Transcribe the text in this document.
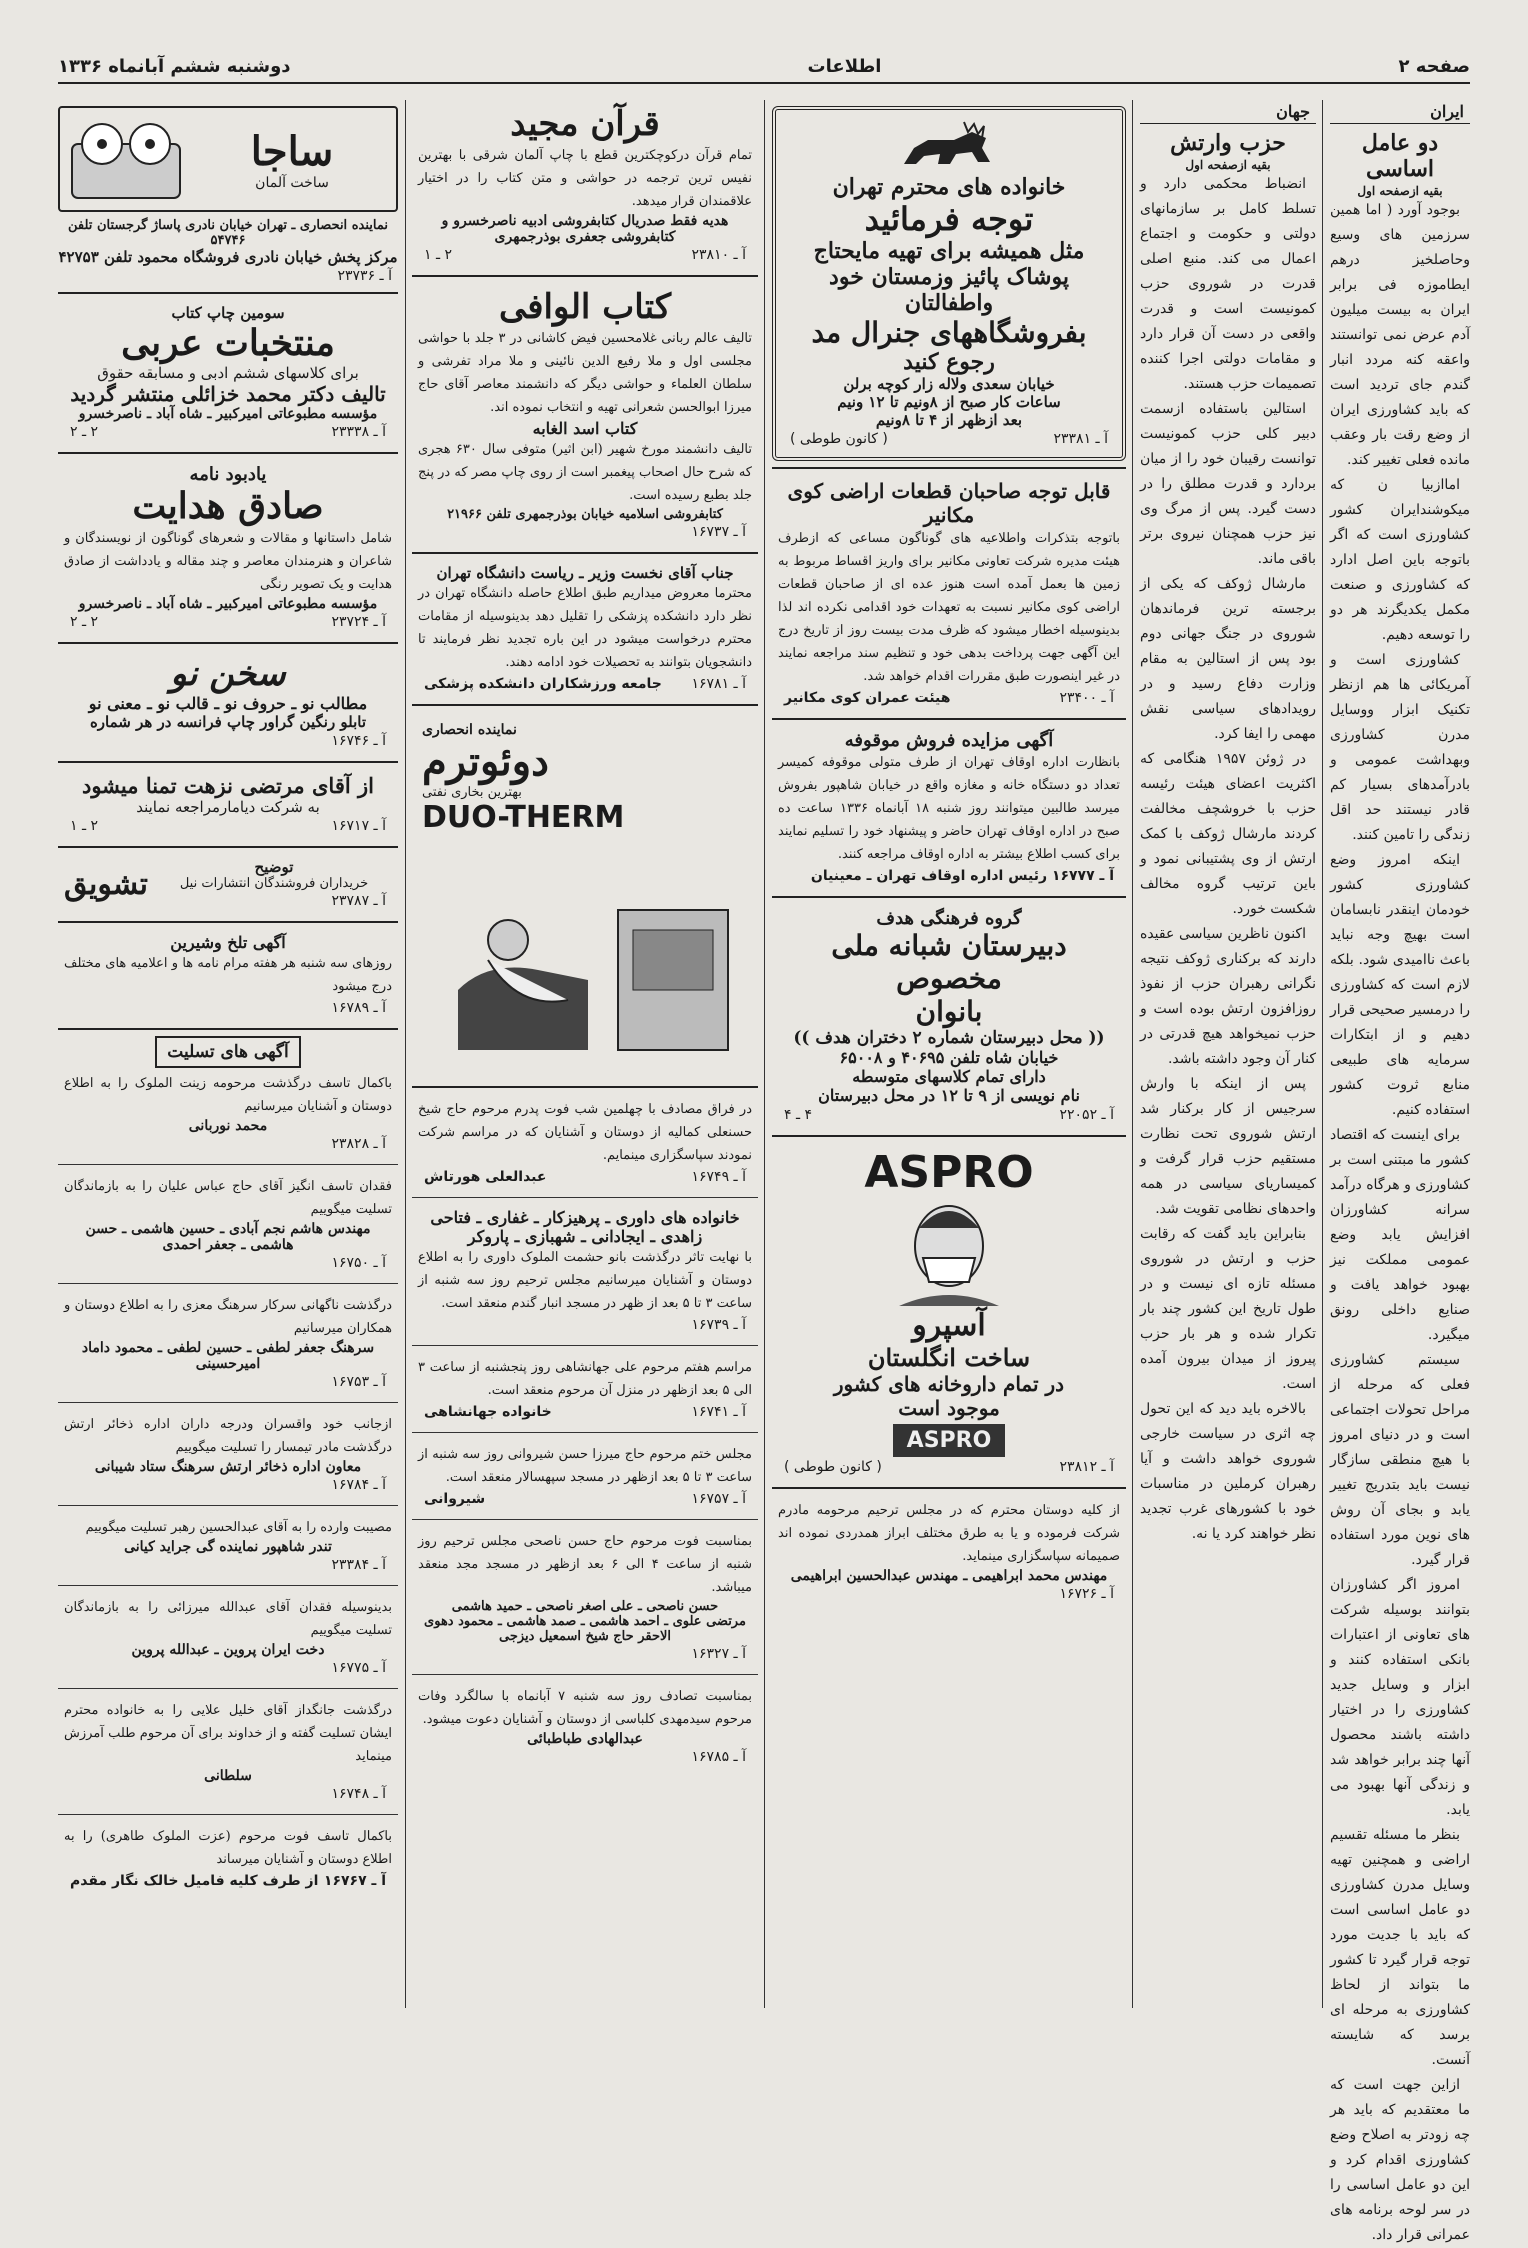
صفحه ۲
اطلاعات
دوشنبه ششم آبانماه ۱۳۳۶
ایران
دو عامل اساسی
بقیه ازصفحه اول

بوجود آورد ( اما همین سرزمین های وسیع وحاصلخیز درهم ایطاموزه فی برابر ایران به بیست میلیون آدم عرض نمی توانستند واعقه کنه مردد انبار گندم جای تردید است که باید کشاورزی ایران از وضع رقت بار وعقب مانده فعلی تغییر کند.

اماازبیا ن که میکوشندایران کشور کشاورزی است که اگر باتوجه باین اصل ادارد که کشاورزی و صنعت مکمل یکدیگرند هر دو را توسعه دهیم.

کشاورزی است و آمریکائی ها هم ازنظر تکنیک ابزار ووسایل مدرن کشاورزی وبهداشت عمومی و بادرآمدهای بسیار کم قادر نیستند حد اقل زندگی را تامین کنند.

اینکه امروز وضع کشاورزی کشور خودمان اینقدر نابسامان است بهیچ وجه نباید باعث ناامیدی شود. بلکه لازم است که کشاورزی را درمسیر صحیحی قرار دهیم و از ابتکارات سرمایه های طبیعی منابع ثروت کشور استفاده کنیم.

برای اینست که اقتصاد کشور ما مبتنی است بر کشاورزی و هرگاه درآمد سرانه کشاورزان افزایش یابد وضع عمومی مملکت نیز بهبود خواهد یافت و صنایع داخلی رونق میگیرد.

سیستم کشاورزی فعلی که مرحله از مراحل تحولات اجتماعی است و در دنیای امروز با هیچ منطقی سازگار نیست باید بتدریج تغییر یابد و بجای آن روش های نوین مورد استفاده قرار گیرد.

امروز اگر کشاورزان بتوانند بوسیله شرکت های تعاونی از اعتبارات بانکی استفاده کنند و ابزار و وسایل جدید کشاورزی را در اختیار داشته باشند محصول آنها چند برابر خواهد شد و زندگی آنها بهبود می یابد.

بنظر ما مسئله تقسیم اراضی و همچنین تهیه وسایل مدرن کشاورزی دو عامل اساسی است که باید با جدیت مورد توجه قرار گیرد تا کشور ما بتواند از لحاظ کشاورزی به مرحله ای برسد که شایسته آنست.

ازاین جهت است که ما معتقدیم که باید هر چه زودتر به اصلاح وضع کشاورزی اقدام کرد و این دو عامل اساسی را در سر لوحه برنامه های عمرانی قرار داد.

جهان
حزب وارتش
بقیه ازصفحه اول

انضباط محکمی دارد و تسلط کامل بر سازمانهای دولتی و حکومت و اجتماع اعمال می کند. منبع اصلی قدرت در شوروی حزب کمونیست است و قدرت واقعی در دست آن قرار دارد و مقامات دولتی اجرا کننده تصمیمات حزب هستند.

استالین باستفاده ازسمت دبیر کلی حزب کمونیست توانست رقیبان خود را از میان بردارد و قدرت مطلق را در دست گیرد. پس از مرگ وی نیز حزب همچنان نیروی برتر باقی ماند.

مارشال ژوکف که یکی از برجسته ترین فرماندهان شوروی در جنگ جهانی دوم بود پس از استالین به مقام وزارت دفاع رسید و در رویدادهای سیاسی نقش مهمی را ایفا کرد.

در ژوئن ۱۹۵۷ هنگامی که اکثریت اعضای هیئت رئیسه حزب با خروشچف مخالفت کردند مارشال ژوکف با کمک ارتش از وی پشتیبانی نمود و باین ترتیب گروه مخالف شکست خورد.

اکنون ناظرین سیاسی عقیده دارند که برکناری ژوکف نتیجه نگرانی رهبران حزب از نفوذ روزافزون ارتش بوده است و حزب نمیخواهد هیچ قدرتی در کنار آن وجود داشته باشد.

پس از اینکه با وارش سرجیس از کار برکنار شد ارتش شوروی تحت نظارت مستقیم حزب قرار گرفت و کمیساریای سیاسی در همه واحدهای نظامی تقویت شد.

بنابراین باید گفت که رقابت حزب و ارتش در شوروی مسئله تازه ای نیست و در طول تاریخ این کشور چند بار تکرار شده و هر بار حزب پیروز از میدان بیرون آمده است.

بالاخره باید دید که این تحول چه اثری در سیاست خارجی شوروی خواهد داشت و آیا رهبران کرملین در مناسبات خود با کشورهای غرب تجدید نظر خواهند کرد یا نه.

خانواده های محترم تهران
توجه فرمائید
مثل همیشه برای تهیه مایحتاج
پوشاک پائیز وزمستان خود واطفالتان
بفروشگاههای جنرال مد
رجوع کنید
خیابان سعدی ولاله زار کوچه برلن
ساعات کار صبح از ۸ونیم تا ۱۲ ونیم
بعد ازظهر از ۴ تا ۸ونیم
آ ـ ۲۳۳۸۱
( کانون طوطی )
قابل توجه صاحبان قطعات اراضی کوی مکانیر

باتوجه بتذکرات واطلاعیه های گوناگون مساعی که ازطرف هیئت مدیره شرکت تعاونی مکانیر برای واریز اقساط مربوط به زمین ها بعمل آمده است هنوز عده ای از صاحبان قطعات اراضی کوی مکانیر نسبت به تعهدات خود اقدامی نکرده اند لذا بدینوسیله اخطار میشود که ظرف مدت بیست روز از تاریخ درج این آگهی جهت پرداخت بدهی خود و تنظیم سند مراجعه نمایند در غیر اینصورت طبق مقررات اقدام خواهد شد.

آ ـ ۲۳۴۰۰
هیئت عمران کوی مکانیر
آگهی مزایده فروش موقوفه

بانظارت اداره اوقاف تهران از طرف متولی موقوفه کمیسر تعداد دو دستگاه خانه و مغازه واقع در خیابان شاهپور بفروش میرسد طالبین میتوانند روز شنبه ۱۸ آبانماه ۱۳۳۶ ساعت ده صبح در اداره اوقاف تهران حاضر و پیشنهاد خود را تسلیم نمایند برای کسب اطلاع بیشتر به اداره اوقاف مراجعه کنند.

آ ـ ۱۶۷۷۷ رئیس اداره اوقاف تهران ـ معینیان
گروه فرهنگی هدف
دبیرستان شبانه ملی مخصوص
بانوان
(( محل دبیرستان شماره ۲ دختران هدف ))
خیابان شاه تلفن ۴۰۶۹۵ و ۶۵۰۰۸
دارای تمام کلاسهای متوسطه
نام نویسی از ۹ تا ۱۲ در محل دبیرستان
آ ـ ۲۲۰۵۲
۴ ـ ۴
ASPRO
آسپرو
ساخت انگلستان
در تمام داروخانه های کشور
موجود است
ASPRO
آ ـ ۲۳۸۱۲
( کانون طوطی )

از کلیه دوستان محترم که در مجلس ترحیم مرحومه مادرم شرکت فرموده و یا به طرق مختلف ابراز همدردی نموده اند صمیمانه سپاسگزاری مینماید.

مهندس محمد ابراهیمی ـ مهندس عبدالحسین ابراهیمی
آ ـ ۱۶۷۲۶
قرآن مجید

تمام قرآن درکوچکترین قطع با چاپ آلمان شرقی با بهترین نفیس ترین ترجمه در حواشی و متن کتاب را در اختیار علاقمندان قرار میدهد.

هدیه فقط صدریال کتابفروشی ادبیه ناصرخسرو و کتابفروشی جعفری بوذرجمهری
آ ـ ۲۳۸۱۰
۲ ـ ۱
کتاب الوافی

تالیف عالم ربانی غلامحسین فیض کاشانی در ۳ جلد با حواشی مجلسی اول و ملا رفیع الدین نائینی و ملا مراد تفرشی و سلطان العلماء و حواشی دیگر که دانشمند معاصر آقای حاج میرزا ابوالحسن شعرانی تهیه و انتخاب نموده اند.

کتاب اسد الغابه

تالیف دانشمند مورخ شهیر (ابن اثیر) متوفی سال ۶۳۰ هجری که شرح حال اصحاب پیغمبر است از روی چاپ مصر که در پنج جلد بطبع رسیده است.

کتابفروشی اسلامیه خیابان بوذرجمهری تلفن ۲۱۹۶۶
آ ـ ۱۶۷۳۷
جناب آقای نخست وزیر ـ ریاست دانشگاه تهران

محترما معروض میداریم طبق اطلاع حاصله دانشگاه تهران در نظر دارد دانشکده پزشکی را تقلیل دهد بدینوسیله از مقامات محترم درخواست میشود در این باره تجدید نظر فرمایند تا دانشجویان بتوانند به تحصیلات خود ادامه دهند.

آ ـ ۱۶۷۸۱
جامعه ورزشکاران دانشکده پزشکی
نماینده انحصاری
دوئوترم
بهترین بخاری نفتی
DUO-THERM

در فراق مصادف با چهلمین شب فوت پدرم مرحوم حاج شیخ حسنعلی کمالیه از دوستان و آشنایان که در مراسم شرکت نمودند سپاسگزاری مینمایم.

آ ـ ۱۶۷۴۹
عبدالعلی هورتاش
خانواده های داوری ـ پرهیزکار ـ غفاری ـ فتاحی
زاهدی ـ ایجادانی ـ شهبازی ـ پاروکر

با نهایت تاثر درگذشت بانو حشمت الملوک داوری را به اطلاع دوستان و آشنایان میرسانیم مجلس ترحیم روز سه شنبه از ساعت ۳ تا ۵ بعد از ظهر در مسجد انبار گندم منعقد است.

آ ـ ۱۶۷۳۹

مراسم هفتم مرحوم علی جهانشاهی روز پنجشنبه از ساعت ۳ الی ۵ بعد ازظهر در منزل آن مرحوم منعقد است.

آ ـ ۱۶۷۴۱
خانواده جهانشاهی

مجلس ختم مرحوم حاج میرزا حسن شیروانی روز سه شنبه از ساعت ۳ تا ۵ بعد ازظهر در مسجد سپهسالار منعقد است.

آ ـ ۱۶۷۵۷
شیروانی

بمناسبت فوت مرحوم حاج حسن ناصحی مجلس ترحیم روز شنبه از ساعت ۴ الی ۶ بعد ازظهر در مسجد مجد منعقد میباشد.

حسن ناصحی ـ علی اصغر ناصحی ـ حمید هاشمی
مرتضی علوی ـ احمد هاشمی ـ صمد هاشمی ـ محمود دهوی
الاحقر حاج شیخ اسمعیل دیزجی
آ ـ ۱۶۳۲۷

بمناسبت تصادف روز سه شنبه ۷ آبانماه با سالگرد وفات مرحوم سیدمهدی کلباسی از دوستان و آشنایان دعوت میشود.

عبدالهادی طباطبائی
آ ـ ۱۶۷۸۵
ساجا
ساخت آلمان
نماینده انحصاری ـ تهران خیابان نادری پاساژ گرجستان تلفن ۵۴۷۴۶
مرکز پخش خیابان نادری فروشگاه محمود تلفن ۴۲۷۵۳
آ ـ ۲۳۷۳۶
سومین چاپ کتاب
منتخبات عربی
برای کلاسهای ششم ادبی و مسابقه حقوق
تالیف دکتر محمد خزائلی منتشر گردید
مؤسسه مطبوعاتی امیرکبیر ـ شاه آباد ـ ناصرخسرو
آ ـ ۲۳۳۳۸
۲ ـ ۲
یادبود نامه
صادق هدایت

شامل داستانها و مقالات و شعرهای گوناگون از نویسندگان و شاعران و هنرمندان معاصر و چند مقاله و یادداشت از صادق هدایت و یک تصویر رنگی

مؤسسه مطبوعاتی امیرکبیر ـ شاه آباد ـ ناصرخسرو
آ ـ ۲۳۷۲۴
۲ ـ ۲
سخن نو
مطالب نو ـ حروف نو ـ قالب نو ـ معنی نو
تابلو رنگین گراور چاپ فرانسه در هر شماره
آ ـ ۱۶۷۴۶
از آقای مرتضی نزهت تمنا میشود
به شرکت دیامارمراجعه نمایند
آ ـ ۱۶۷۱۷
۲ ـ ۱
توضیح
خریداران فروشندگان انتشارات نیل
آ ـ ۲۳۷۸۷
تشویق
آگهی تلخ وشیرین

روزهای سه شنبه هر هفته مرام نامه ها و اعلامیه های مختلف درج میشود

آ ـ ۱۶۷۸۹
آگهی های تسلیت

باکمال تاسف درگذشت مرحومه زینت الملوک را به اطلاع دوستان و آشنایان میرسانیم

محمد نوربانی
آ ـ ۲۳۸۲۸

فقدان تاسف انگیز آقای حاج عباس علیان را به بازماندگان تسلیت میگوییم

مهندس هاشم نجم آبادی ـ حسین هاشمی ـ حسن هاشمی ـ جعفر احمدی
آ ـ ۱۶۷۵۰

درگذشت ناگهانی سرکار سرهنگ معزی را به اطلاع دوستان و همکاران میرسانیم

سرهنگ جعفر لطفی ـ حسین لطفی ـ محمود داماد امیرحسینی
آ ـ ۱۶۷۵۳

ازجانب خود واقسران ودرجه داران اداره ذخائر ارتش درگذشت مادر تیمسار را تسلیت میگوییم

معاون اداره ذخائر ارتش سرهنگ ستاد شیبانی
آ ـ ۱۶۷۸۴

مصیبت وارده را به آقای عبدالحسین رهبر تسلیت میگوییم

تندر شاهپور نماینده گی جراید کیانی
آ ـ ۲۳۳۸۴

بدینوسیله فقدان آقای عبدالله میرزائی را به بازماندگان تسلیت میگوییم

دخت ایران پروین ـ عبدالله پروین
آ ـ ۱۶۷۷۵

درگذشت جانگداز آقای خلیل علایی را به خانواده محترم ایشان تسلیت گفته و از خداوند برای آن مرحوم طلب آمرزش مینماید

سلطانی
آ ـ ۱۶۷۴۸

باکمال تاسف فوت مرحوم (عزت الملوک طاهری) را به اطلاع دوستان و آشنایان میرساند

آ ـ ۱۶۷۶۷
از طرف کلیه فامیل خالک نگار مقدم
